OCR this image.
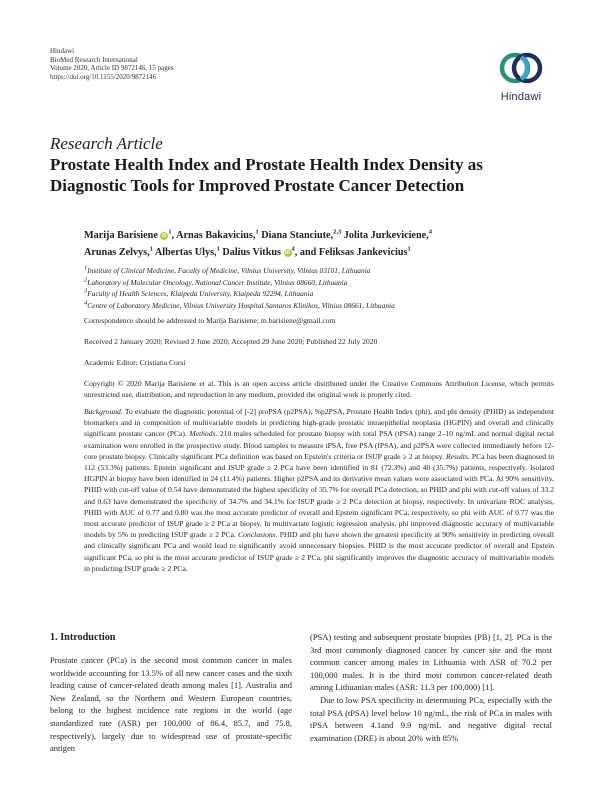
Hindawi
BioMed Research International
Volume 2020, Article ID 9872146, 15 pages
https://doi.org/10.1155/2020/9872146
Hindawi
Research Article
Prostate Health Index and Prostate Health Index Density as Diagnostic Tools for Improved Prostate Cancer Detection
Marija Barisiene $iD^1$, Arnas Bakavicius,$^1$ Diana Stanciute,$^{2,3}$ Jolita Jurkeviciene,$^4$
Arunas Zelvys,$^1$ Albertas Ulys,$^1$ Dalius Vitkus $iD^4$, and Feliksas Jankevicius$^1$
$^1$Institute of Clinical Medicine, Faculty of Medicine, Vilnius University, Vilnius 03101, Lithuania
$^2$Laboratory of Molecular Oncology, National Cancer Institute, Vilnius 08660, Lithuania
$^3$Faculty of Health Sciences, Klaipeda University, Klaipeda 92294, Lithuania
$^4$Centre of Laboratory Medicine, Vilnius University Hospital Santaros Klinikos, Vilnius 08661, Lithuania
Correspondence should be addressed to Marija Barisiene; m.barisiene@gmail.com
Received 2 January 2020; Revised 2 June 2020; Accepted 29 June 2020; Published 22 July 2020
Academic Editor: Cristiana Corsi
Copyright © 2020 Marija Barisiene et al. This is an open access article distributed under the Creative Commons Attribution License, which permits unrestricted use, distribution, and reproduction in any medium, provided the original work is properly cited.
Background. To evaluate the diagnostic potential of [-2] proPSA (p2PSA), %p2PSA, Prostate Health Index (phi), and phi density (PHID) as independent biomarkers and in composition of multivariable models in predicting high-grade prostatic intraepithelial neoplasia (HGPIN) and overall and clinically significant prostate cancer (PCa). Methods. 210 males scheduled for prostate biopsy with total PSA (tPSA) range 2–10 ng/mL and normal digital rectal examination were enrolled in the prospective study. Blood samples to measure tPSA, free PSA (fPSA), and p2PSA were collected immediately before 12-core prostate biopsy. Clinically significant PCa definition was based on Epstein's criteria or ISUP grade ≥ 2 at biopsy. Results. PCa has been diagnosed in 112 (53.3%) patients. Epstein significant and ISUP grade ≥ 2 PCa have been identified in 81 (72.3%) and 40 (35.7%) patients, respectively. Isolated HGPIN at biopsy have been identified in 24 (11.4%) patients. Higher p2PSA and its derivative mean values were associated with PCa. At 90% sensitivity, PHID with cut-off value of 0.54 have demonstrated the highest specificity of 35.7% for overall PCa detection, so PHID and phi with cut-off values of 33.2 and 0.63 have demonstrated the specificity of 34.7% and 34.1% for ISUP grade ≥ 2 PCa detection at biopsy, respectively. In univariate ROC analysis, PHID with AUC of 0.77 and 0.80 was the most accurate predictor of overall and Epstein significant PCa, respectively, so phi with AUC of 0.77 was the most accurate predictor of ISUP grade ≥ 2 PCa at biopsy. In multivariate logistic regression analysis, phi improved diagnostic accuracy of multivariable models by 5% in predicting ISUP grade ≥ 2 PCa. Conclusions. PHID and phi have shown the greatest specificity at 90% sensitivity in predicting overall and clinically significant PCa and would lead to significantly avoid unnecessary biopsies. PHID is the most accurate predictor of overall and Epstein significant PCa, so phi is the most accurate predictor of ISUP grade ≥ 2 PCa. phi significantly improves the diagnostic accuracy of multivariable models in predicting ISUP grade ≥ 2 PCa.
1. Introduction

Prostate cancer (PCa) is the second most common cancer in males worldwide accounting for 13.5% of all new cancer cases and the sixth leading cause of cancer-related death among males [1]. Australia and New Zealand, so the Northern and Western European countries, belong to the highest incidence rate regions in the world (age standardized rate (ASR) per 100,000 of 86.4, 85.7, and 75.8, respectively), largely due to widespread use of prostate-specific antigen

(PSA) testing and subsequent prostate biopsies (PB) [1, 2]. PCa is the 3rd most commonly diagnosed cancer by cancer site and the most common cancer among males in Lithuania with ASR of 70.2 per 100,000 males. It is the third most common cancer-related death among Lithuanian males (ASR: 11.3 per 100,000) [1].

Due to low PSA specificity in determining PCa, especially with the total PSA (tPSA) level below 10 ng/mL, the risk of PCa in males with tPSA between 4.1and 9.9 ng/mL and negative digital rectal examination (DRE) is about 20% with 85%
